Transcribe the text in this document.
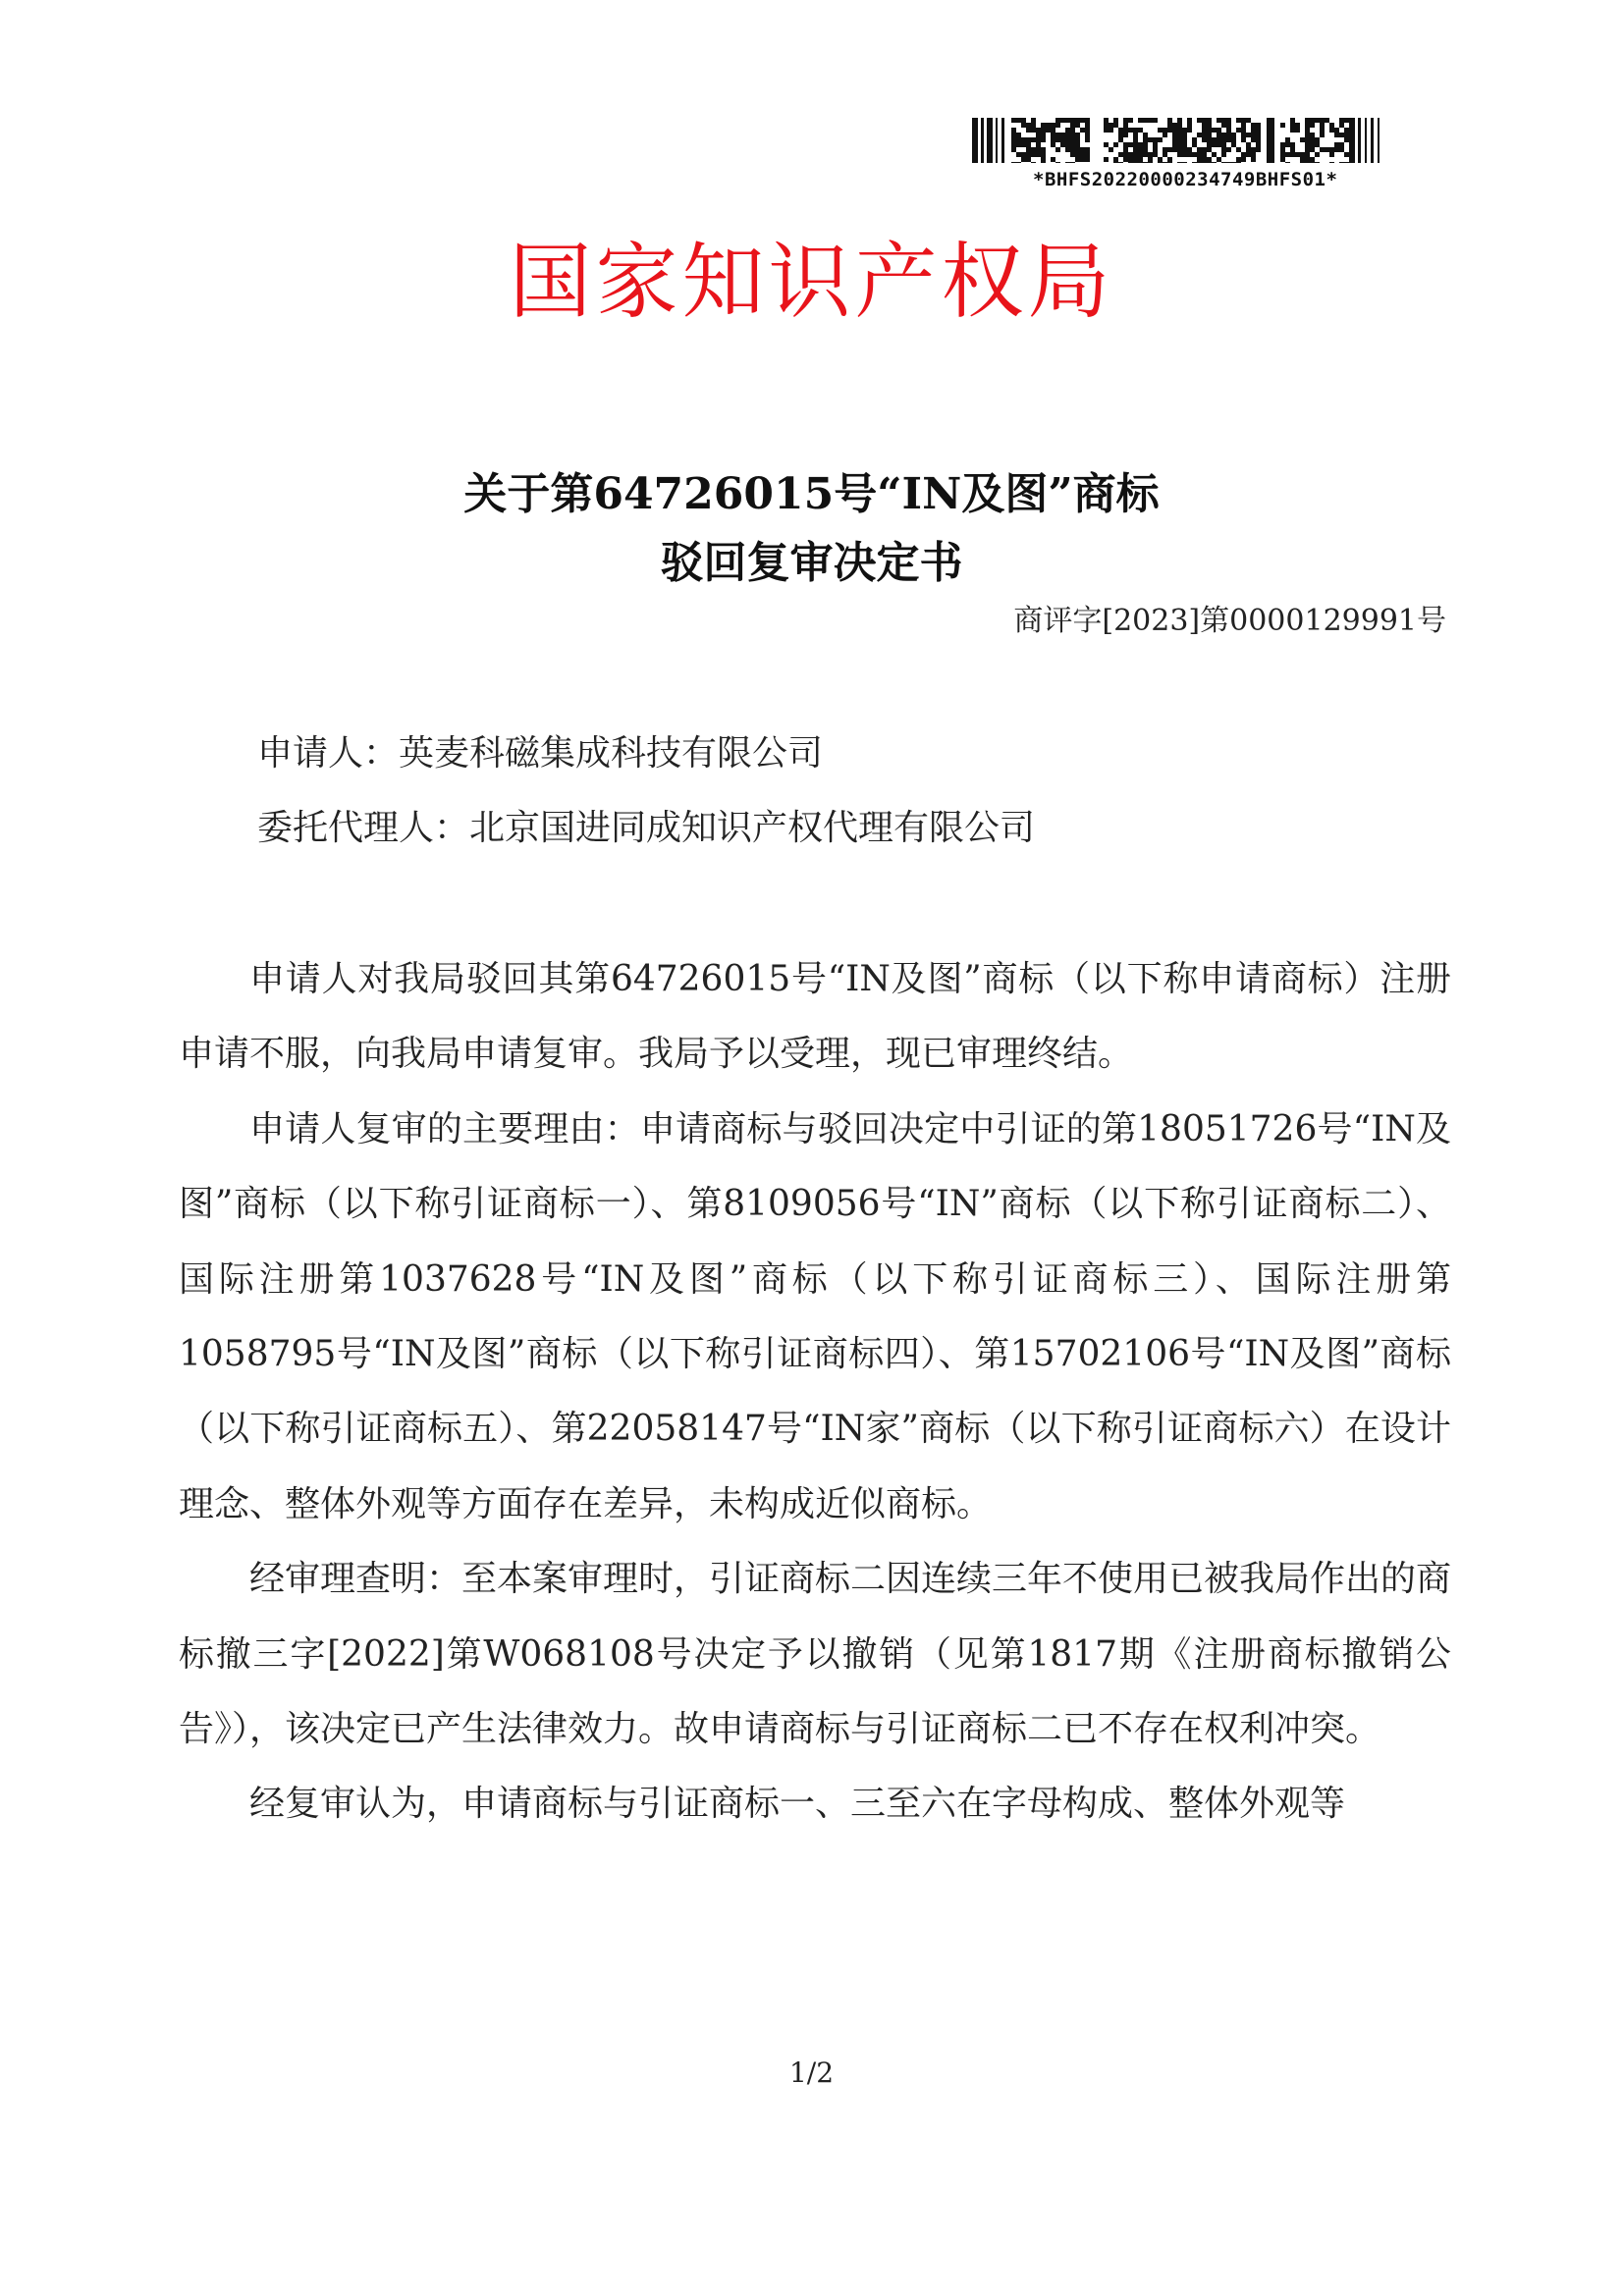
*BHFS20220000234749BHFS01*
国家知识产权局
关于第64726015号“IN及图”商标
驳回复审决定书
商评字[2023]第0000129991号
申请人：英麦科磁集成科技有限公司
委托代理人：北京国进同成知识产权代理有限公司

申请人对我局驳回其第64726015号“IN及图”商标（以下称申请商标）注册申请不服，向我局申请复审。我局予以受理，现已审理终结。

申请人复审的主要理由：申请商标与驳回决定中引证的第18051726号“IN及图”商标（以下称引证商标一）、第8109056号“IN”商标（以下称引证商标二）、国际注册第1037628号“IN及图”商标（以下称引证商标三）、国际注册第1058795号“IN及图”商标（以下称引证商标四）、第15702106号“IN及图”商标（以下称引证商标五）、第22058147号“IN家”商标（以下称引证商标六）在设计理念、整体外观等方面存在差异，未构成近似商标。

经审理查明：至本案审理时，引证商标二因连续三年不使用已被我局作出的商标撤三字[2022]第W068108号决定予以撤销（见第1817期《注册商标撤销公告》），该决定已产生法律效力。故申请商标与引证商标二已不存在权利冲突。

经复审认为，申请商标与引证商标一、三至六在字母构成、整体外观等

1/2
